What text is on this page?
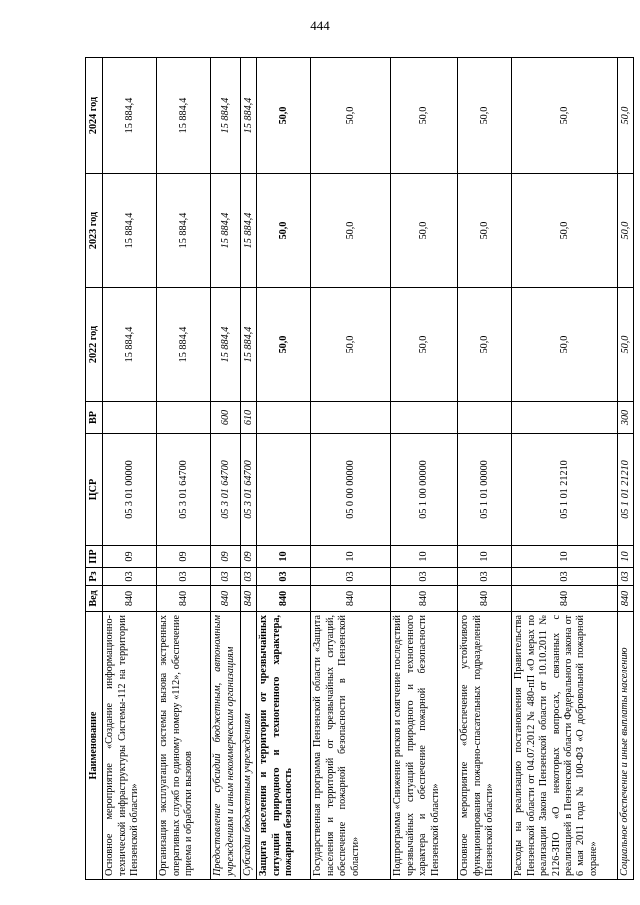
444
Наименование	Вед	Рз	ПР	ЦСР	ВР	2022 год	2023 год	2024 год
Основное мероприятие «Создание информационно-технической инфраструктуры Системы-112 на территории Пензенской области»	840	03	09	05 3 01 00000		15 884,4	15 884,4	15 884,4
Организация эксплуатации системы вызова экстренных оперативных служб по единому номеру «112», обеспечение приема и обработки вызовов	840	03	09	05 3 01 64700		15 884,4	15 884,4	15 884,4
Предоставление субсидий бюджетным, автономным учреждениям и иным некоммерческим организациям	840	03	09	05 3 01 64700	600	15 884,4	15 884,4	15 884,4
Субсидии бюджетным учреждениям	840	03	09	05 3 01 64700	610	15 884,4	15 884,4	15 884,4
Защита населения и территории от чрезвычайных ситуаций природного и техногенного характера, пожарная безопасность	840	03	10			50,0	50,0	50,0
Государственная программа Пензенской области «Защита населения и территорий от чрезвычайных ситуаций, обеспечение пожарной безопасности в Пензенской области»	840	03	10	05 0 00 00000		50,0	50,0	50,0
Подпрограмма «Снижение рисков и смягчение последствий чрезвычайных ситуаций природного и техногенного характера и обеспечение пожарной безопасности Пензенской области»	840	03	10	05 1 00 00000		50,0	50,0	50,0
Основное мероприятие «Обеспечение устойчивого функционирования пожарно-спасательных подразделений Пензенской области»	840	03	10	05 1 01 00000		50,0	50,0	50,0
Расходы на реализацию постановления Правительства Пензенской области от 04.07.2012 № 480-пП «О мерах по реализации Закона Пензенской области от 10.10.2011 № 2126-ЗПО «О некоторых вопросах, связанных с реализацией в Пензенской области Федерального закона от 6 мая 2011 года № 100-ФЗ «О добровольной пожарной охране»	840	03	10	05 1 01 21210		50,0	50,0	50,0
Социальное обеспечение и иные выплаты населению	840	03	10	05 1 01 21210	300	50,0	50,0	50,0
